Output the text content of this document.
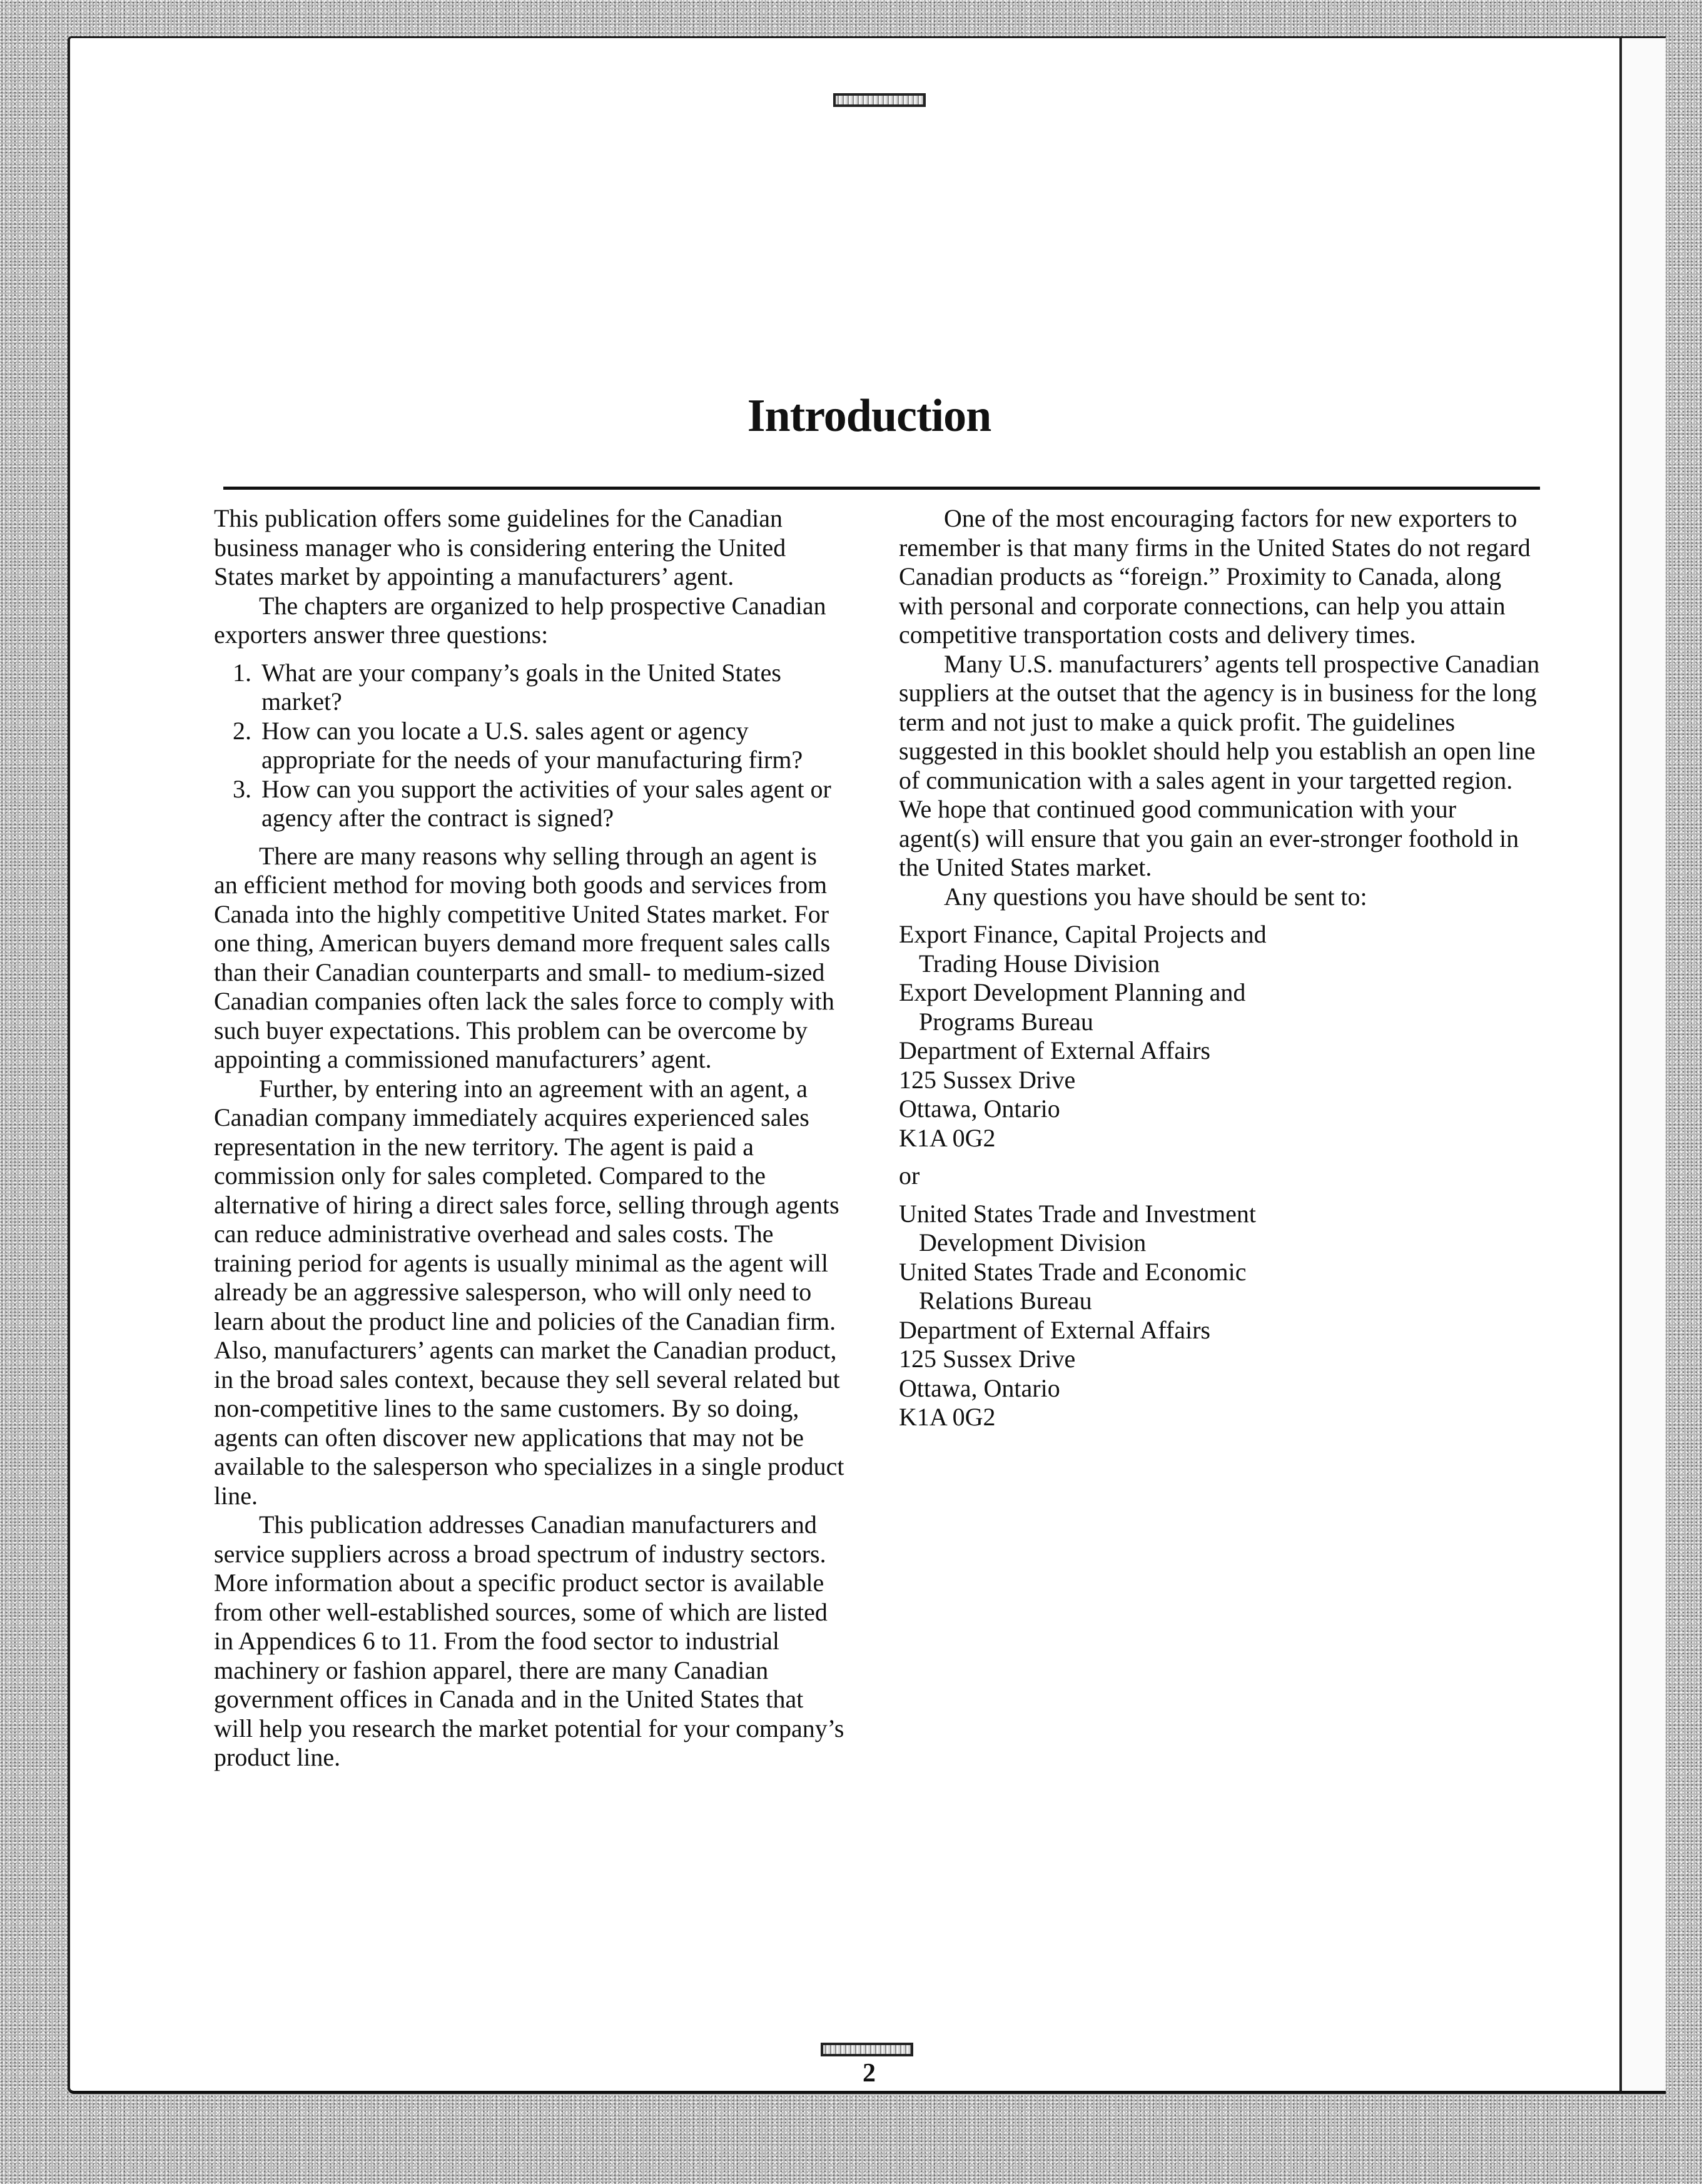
Introduction

This publication offers some guidelines for the Canadian business manager who is considering entering the United States market by appointing a manufacturers’ agent.

The chapters are organized to help prospective Canadian exporters answer three questions:

1. What are your company’s goals in the United States market?
2. How can you locate a U.S. sales agent or agency appropriate for the needs of your manufacturing firm?
3. How can you support the activities of your sales agent or agency after the contract is signed?

There are many reasons why selling through an agent is an efficient method for moving both goods and services from Canada into the highly competitive United States market. For one thing, American buyers demand more frequent sales calls than their Canadian counterparts and small- to medium-sized Canadian companies often lack the sales force to comply with such buyer expectations. This problem can be overcome by appointing a commissioned manufacturers’ agent.

Further, by entering into an agreement with an agent, a Canadian company immediately acquires experienced sales representation in the new territory. The agent is paid a commission only for sales completed. Compared to the alternative of hiring a direct sales force, selling through agents can reduce administrative overhead and sales costs. The training period for agents is usually minimal as the agent will already be an aggressive salesperson, who will only need to learn about the product line and policies of the Canadian firm. Also, manufacturers’ agents can market the Canadian product, in the broad sales context, because they sell several related but non-competitive lines to the same customers. By so doing, agents can often discover new applications that may not be available to the salesperson who specializes in a single product line.

This publication addresses Canadian manufacturers and service suppliers across a broad spectrum of industry sectors. More information about a specific product sector is available from other well-established sources, some of which are listed in Appendices 6 to 11. From the food sector to industrial machinery or fashion apparel, there are many Canadian government offices in Canada and in the United States that will help you research the market potential for your company’s product line.

One of the most encouraging factors for new exporters to remember is that many firms in the United States do not regard Canadian products as “foreign.” Proximity to Canada, along with personal and corporate connections, can help you attain competitive transportation costs and delivery times.

Many U.S. manufacturers’ agents tell prospective Canadian suppliers at the outset that the agency is in business for the long term and not just to make a quick profit. The guidelines suggested in this booklet should help you establish an open line of communication with a sales agent in your targetted region. We hope that continued good communication with your agent(s) will ensure that you gain an ever-stronger foothold in the United States market.

Any questions you have should be sent to:

Export Finance, Capital Projects and
Trading House Division
Export Development Planning and
Programs Bureau
Department of External Affairs
125 Sussex Drive
Ottawa, Ontario
K1A 0G2
or
United States Trade and Investment
Development Division
United States Trade and Economic
Relations Bureau
Department of External Affairs
125 Sussex Drive
Ottawa, Ontario
K1A 0G2
2
